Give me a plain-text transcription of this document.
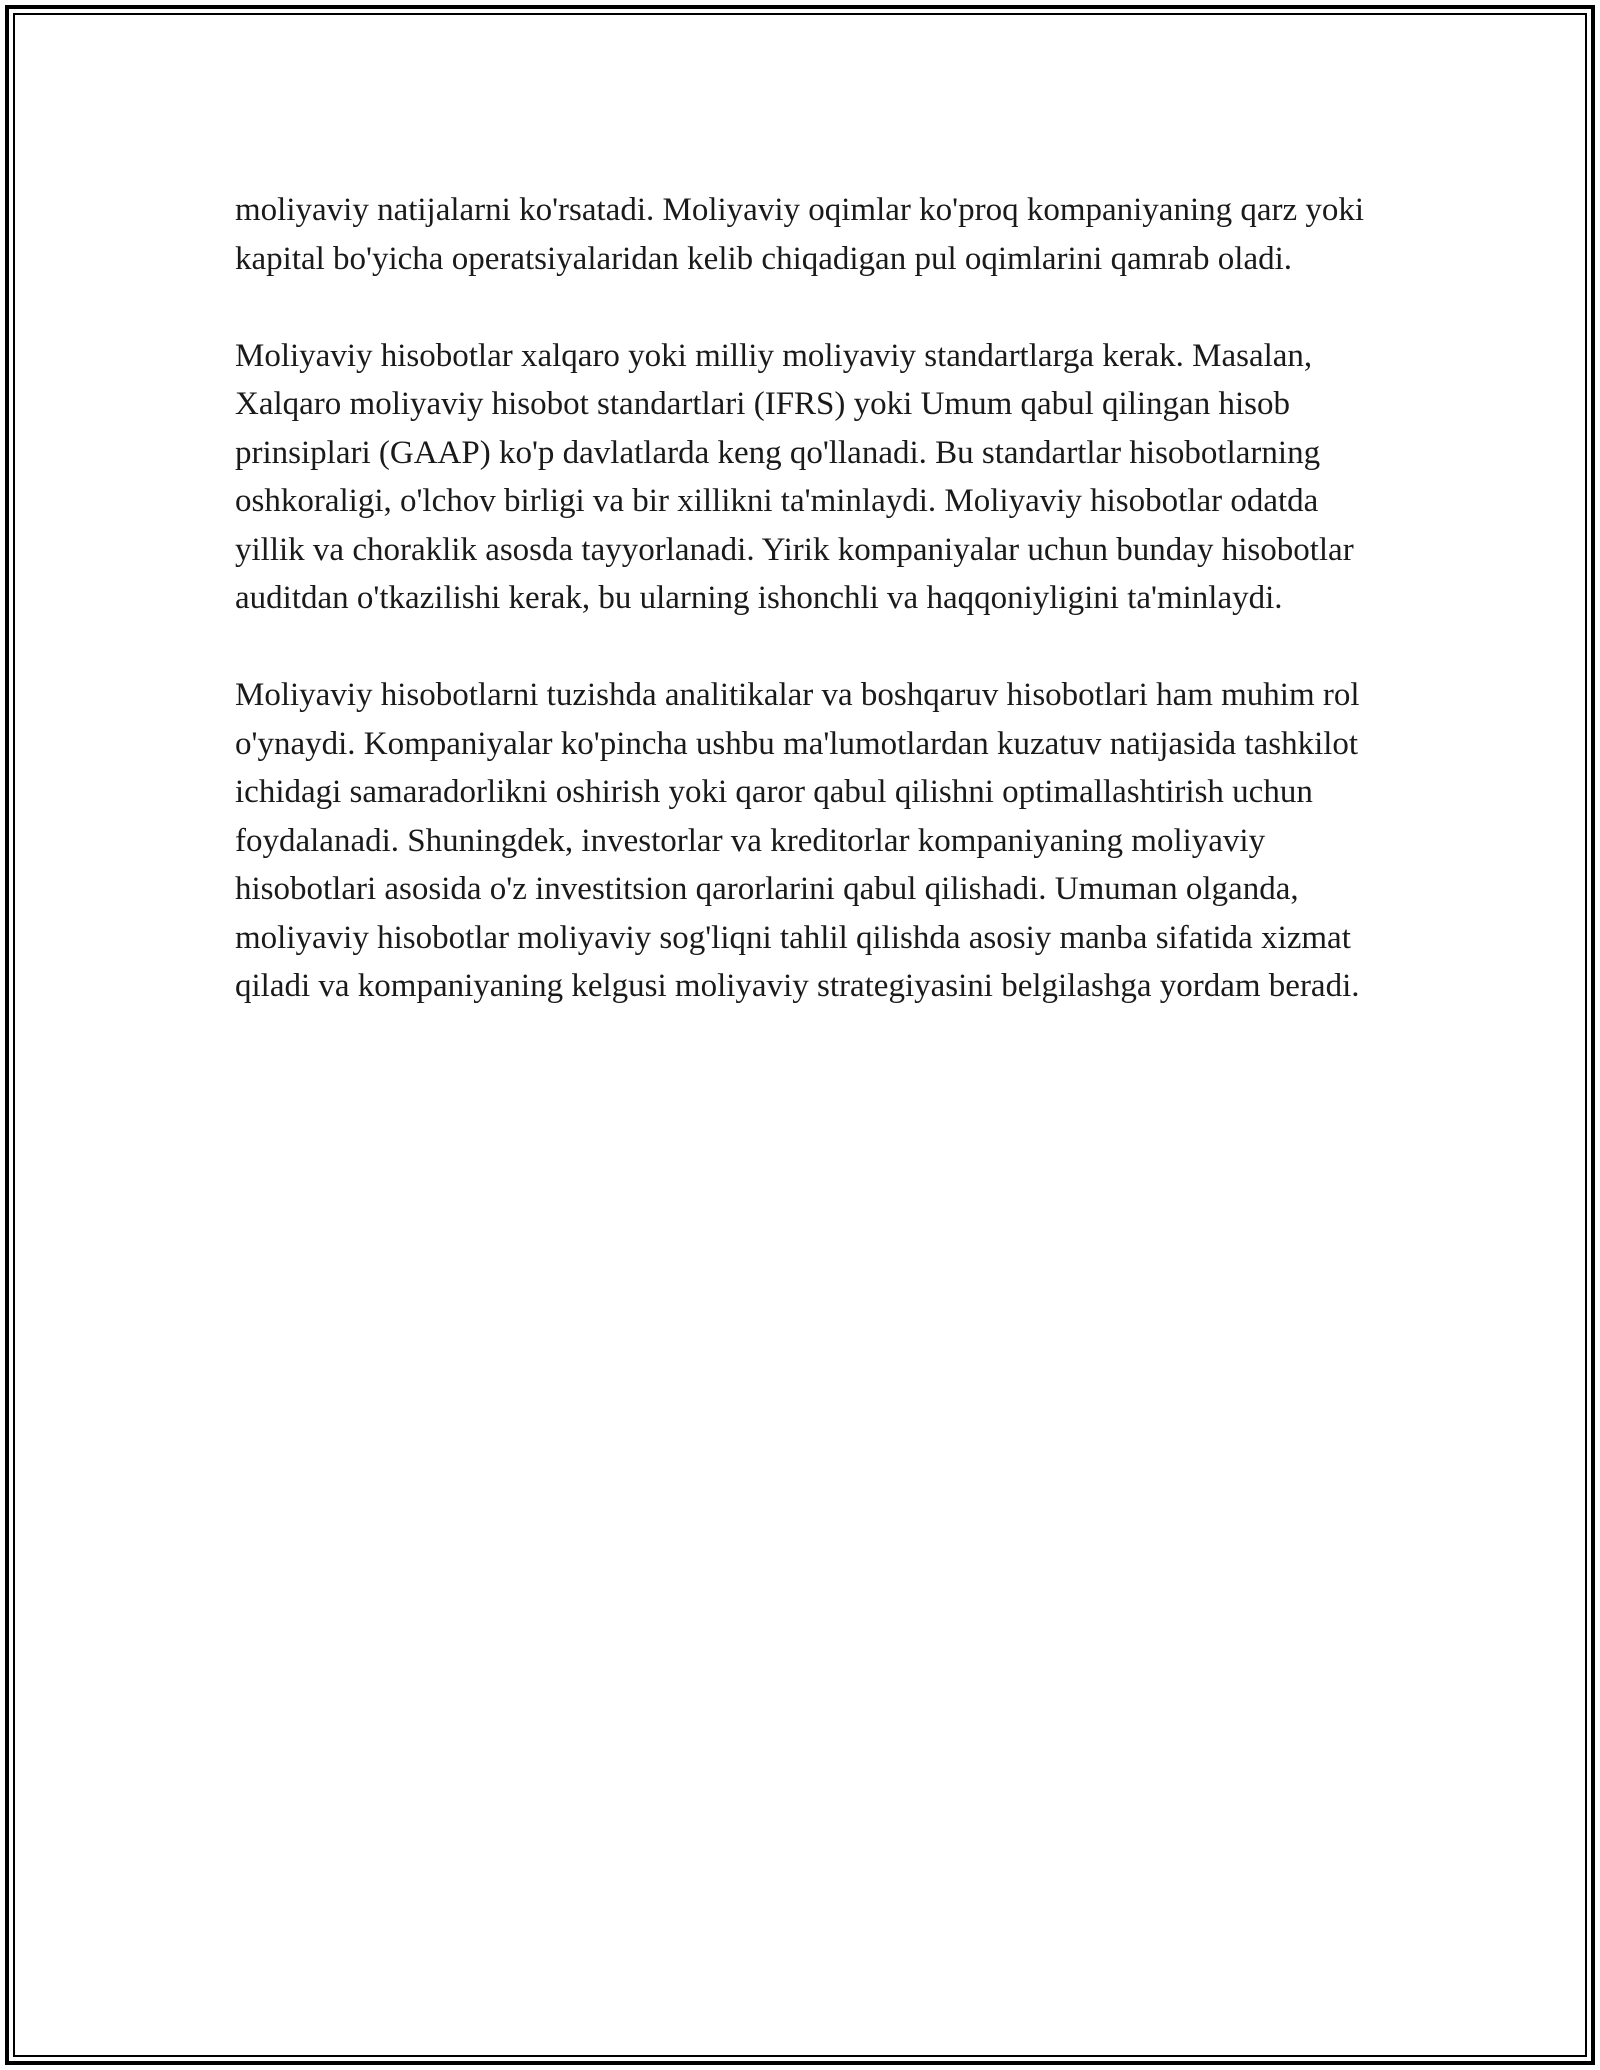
moliyaviy natijalarni ko'rsatadi. Moliyaviy oqimlar ko'proq kompaniyaning qarz yoki kapital bo'yicha operatsiyalaridan kelib chiqadigan pul oqimlarini qamrab oladi.

Moliyaviy hisobotlar xalqaro yoki milliy moliyaviy standartlarga kerak. Masalan, Xalqaro moliyaviy hisobot standartlari (IFRS) yoki Umum qabul qilingan hisob prinsiplari (GAAP) ko'p davlatlarda keng qo'llanadi. Bu standartlar hisobotlarning oshkoraligi, o'lchov birligi va bir xillikni ta'minlaydi. Moliyaviy hisobotlar odatda yillik va choraklik asosda tayyorlanadi. Yirik kompaniyalar uchun bunday hisobotlar auditdan o'tkazilishi kerak, bu ularning ishonchli va haqqoniyligini ta'minlaydi.

Moliyaviy hisobotlarni tuzishda analitikalar va boshqaruv hisobotlari ham muhim rol o'ynaydi. Kompaniyalar ko'pincha ushbu ma'lumotlardan kuzatuv natijasida tashkilot ichidagi samaradorlikni oshirish yoki qaror qabul qilishni optimallashtirish uchun foydalanadi. Shuningdek, investorlar va kreditorlar kompaniyaning moliyaviy hisobotlari asosida o'z investitsion qarorlarini qabul qilishadi. Umuman olganda, moliyaviy hisobotlar moliyaviy sog'liqni tahlil qilishda asosiy manba sifatida xizmat qiladi va kompaniyaning kelgusi moliyaviy strategiyasini belgilashga yordam beradi.
